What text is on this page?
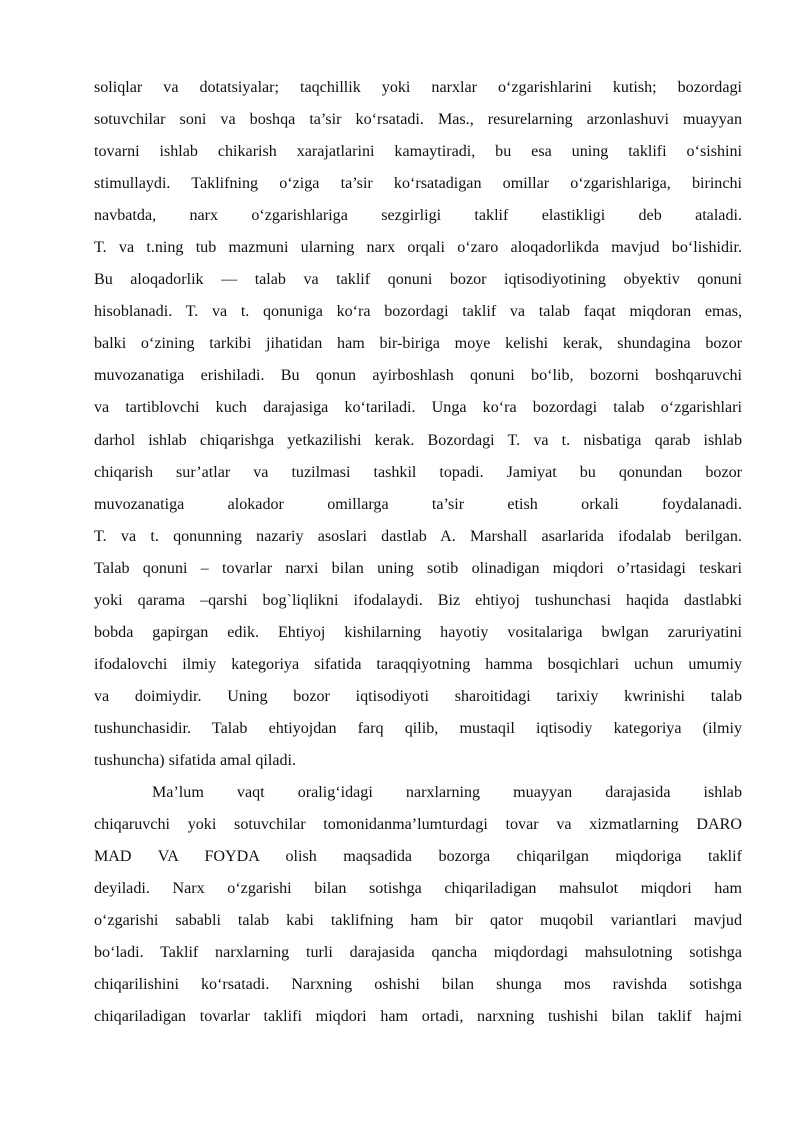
soliqlar va dotatsiyalar; taqchillik yoki narxlar o‘zgarishlarini kutish; bozordagi
sotuvchilar soni va boshqa ta’sir ko‘rsatadi. Mas., resurelarning arzonlashuvi muayyan
tovarni ishlab chikarish xarajatlarini kamaytiradi, bu esa uning taklifi o‘sishini
stimullaydi. Taklifning o‘ziga ta’sir ko‘rsatadigan omillar o‘zgarishlariga, birinchi
navbatda, narx o‘zgarishlariga sezgirligi taklif elastikligi deb ataladi.
T. va t.ning tub mazmuni ularning narx orqali o‘zaro aloqadorlikda mavjud bo‘lishidir.
Bu aloqadorlik — talab va taklif qonuni bozor iqtisodiyotining obyektiv qonuni
hisoblanadi. T. va t. qonuniga ko‘ra bozordagi taklif va talab faqat miqdoran emas,
balki o‘zining tarkibi jihatidan ham bir-biriga moye kelishi kerak, shundagina bozor
muvozanatiga erishiladi. Bu qonun ayirboshlash qonuni bo‘lib, bozorni boshqaruvchi
va tartiblovchi kuch darajasiga ko‘tariladi. Unga ko‘ra bozordagi talab o‘zgarishlari
darhol ishlab chiqarishga yetkazilishi kerak. Bozordagi T. va t. nisbatiga qarab ishlab
chiqarish sur’atlar va tuzilmasi tashkil topadi. Jamiyat bu qonundan bozor
muvozanatiga alokador omillarga ta’sir etish orkali foydalanadi.
T. va t. qonunning nazariy asoslari dastlab A. Marshall asarlarida ifodalab berilgan.
Talab qonuni – tovarlar narxi bilan uning sotib olinadigan miqdori o’rtasidagi teskari
yoki qarama –qarshi bog`liqlikni ifodalaydi. Biz ehtiyoj tushunchasi haqida dastlabki
bobda gapirgan edik. Ehtiyoj kishilarning hayotiy vositalariga bwlgan zaruriyatini
ifodalovchi ilmiy kategoriya sifatida taraqqiyotning hamma bosqichlari uchun umumiy
va doimiydir. Uning bozor iqtisodiyoti sharoitidagi tarixiy kwrinishi talab
tushunchasidir. Talab ehtiyojdan farq qilib, mustaqil iqtisodiy kategoriya (ilmiy
tushuncha) sifatida amal qiladi.
Ma’lum vaqt oralig‘idagi narxlarning muayyan darajasida ishlab
chiqaruvchi yoki sotuvchilar tomonidanma’lumturdagi tovar va xizmatlarning DARO
MAD VA FOYDA olish maqsadida bozorga chiqarilgan miqdoriga taklif
deyiladi. Narx o‘zgarishi bilan sotishga chiqariladigan mahsulot miqdori ham
o‘zgarishi sababli talab kabi taklifning ham bir qator muqobil variantlari mavjud
bo‘ladi. Taklif narxlarning turli darajasida qancha miqdordagi mahsulotning sotishga
chiqarilishini ko‘rsatadi. Narxning oshishi bilan shunga mos ravishda sotishga
chiqariladigan tovarlar taklifi miqdori ham ortadi, narxning tushishi bilan taklif hajmi
